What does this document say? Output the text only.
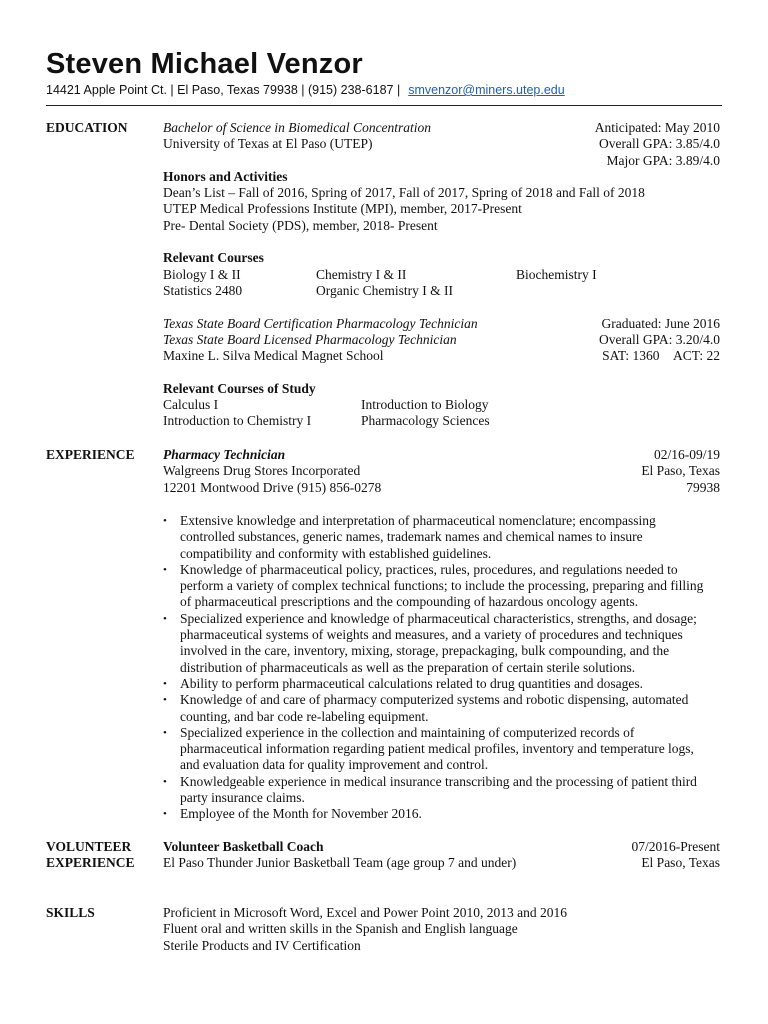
Steven Michael Venzor
14421 Apple Point Ct. | El Paso, Texas 79938 | (915) 238-6187 | smvenzor@miners.utep.edu
EDUCATION	Bachelor of Science in Biomedical Concentration	Anticipated: May 2010
University of Texas at El Paso (UTEP)	Overall GPA: 3.85/4.0
Major GPA: 3.89/4.0
Honors and Activities
Dean’s List – Fall of 2016, Spring of 2017, Fall of 2017, Spring of 2018 and Fall of 2018
UTEP Medical Professions Institute (MPI), member, 2017-Present
Pre- Dental Society (PDS), member, 2018- Present
Relevant Courses
Biology I & II	Chemistry I & II	Biochemistry I
Statistics 2480	Organic Chemistry I & II
Texas State Board Certification Pharmacology Technician	Graduated: June 2016
Texas State Board Licensed Pharmacology Technician	Overall GPA: 3.20/4.0
Maxine L. Silva Medical Magnet School	SAT: 1360 ACT: 22
Relevant Courses of Study
Calculus I	Introduction to Biology
Introduction to Chemistry I	Pharmacology Sciences
EXPERIENCE Pharmacy Technician	02/16-09/19
Walgreens Drug Stores Incorporated	El Paso, Texas
12201 Montwood Drive (915) 856-0278	79938
• Extensive knowledge and interpretation of pharmaceutical nomenclature; encompassing controlled substances, generic names, trademark names and chemical names to insure compatibility and conformity with established guidelines.
• Knowledge of pharmaceutical policy, practices, rules, procedures, and regulations needed to perform a variety of complex technical functions; to include the processing, preparing and filling of pharmaceutical prescriptions and the compounding of hazardous oncology agents.
• Specialized experience and knowledge of pharmaceutical characteristics, strengths, and dosage; pharmaceutical systems of weights and measures, and a variety of procedures and techniques involved in the care, inventory, mixing, storage, prepackaging, bulk compounding, and the distribution of pharmaceuticals as well as the preparation of certain sterile solutions.
• Ability to perform pharmaceutical calculations related to drug quantities and dosages.
• Knowledge of and care of pharmacy computerized systems and robotic dispensing, automated counting, and bar code re-labeling equipment.
• Specialized experience in the collection and maintaining of computerized records of pharmaceutical information regarding patient medical profiles, inventory and temperature logs, and evaluation data for quality improvement and control.
• Knowledgeable experience in medical insurance transcribing and the processing of patient third party insurance claims.
• Employee of the Month for November 2016.
VOLUNTEER
EXPERIENCE
Volunteer Basketball Coach	07/2016-Present
El Paso Thunder Junior Basketball Team (age group 7 and under)	El Paso, Texas
SKILLS	Proficient in Microsoft Word, Excel and Power Point 2010, 2013 and 2016
Fluent oral and written skills in the Spanish and English language
Sterile Products and IV Certification
